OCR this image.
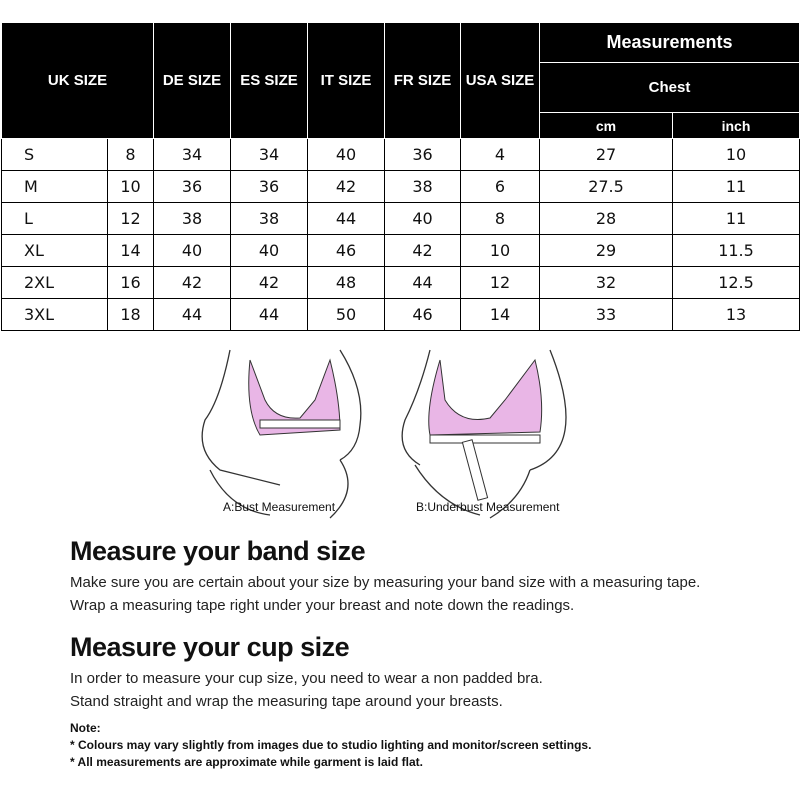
UK SIZE		DE SIZE	ES SIZE	IT SIZE	FR SIZE	USA SIZE	Measurements	
							Chest	
							cm	inch
S	8	34	34	40	36	4	27	10
M	10	36	36	42	38	6	27.5	11
L	12	38	38	44	40	8	28	11
XL	14	40	40	46	42	10	29	11.5
2XL	16	42	42	48	44	12	32	12.5
3XL	18	44	44	50	46	14	33	13
A:Bust Measurement	B:Underbust Measurement
Measure your band size
Make sure you are certain about your size by measuring your band size with a measuring tape.
Wrap a measuring tape right under your breast and note down the readings.
Measure your cup size
In order to measure your cup size, you need to wear a non padded bra.
Stand straight and wrap the measuring tape around your breasts.
Note:
* Colours may vary slightly from images due to studio lighting and monitor/screen settings.
* All measurements are approximate while garment is laid flat.
